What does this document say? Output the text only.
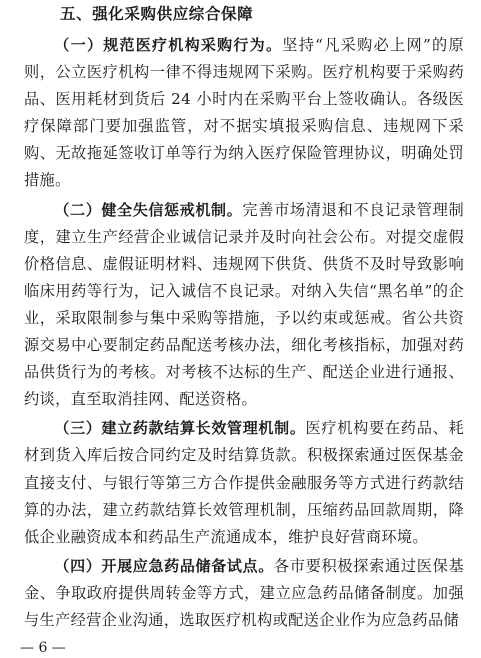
五、强化采购供应综合保障

（一）规范医疗机构采购行为。坚持“凡采购必上网”的原则，公立医疗机构一律不得违规网下采购。医疗机构要于采购药品、医用耗材到货后 24 小时内在采购平台上签收确认。各级医疗保障部门要加强监管，对不据实填报采购信息、违规网下采购、无故拖延签收订单等行为纳入医疗保险管理协议，明确处罚措施。

（二）健全失信惩戒机制。完善市场清退和不良记录管理制度，建立生产经营企业诚信记录并及时向社会公布。对提交虚假价格信息、虚假证明材料、违规网下供货、供货不及时导致影响临床用药等行为，记入诚信不良记录。对纳入失信“黑名单”的企业，采取限制参与集中采购等措施，予以约束或惩戒。省公共资源交易中心要制定药品配送考核办法，细化考核指标，加强对药品供货行为的考核。对考核不达标的生产、配送企业进行通报、约谈，直至取消挂网、配送资格。

（三）建立药款结算长效管理机制。医疗机构要在药品、耗材到货入库后按合同约定及时结算货款。积极探索通过医保基金直接支付、与银行等第三方合作提供金融服务等方式进行药款结算的办法，建立药款结算长效管理机制，压缩药品回款周期，降低企业融资成本和药品生产流通成本，维护良好营商环境。

（四）开展应急药品储备试点。各市要积极探索通过医保基金、争取政府提供周转金等方式，建立应急药品储备制度。加强与生产经营企业沟通，选取医疗机构或配送企业作为应急药品储

— 6 —
